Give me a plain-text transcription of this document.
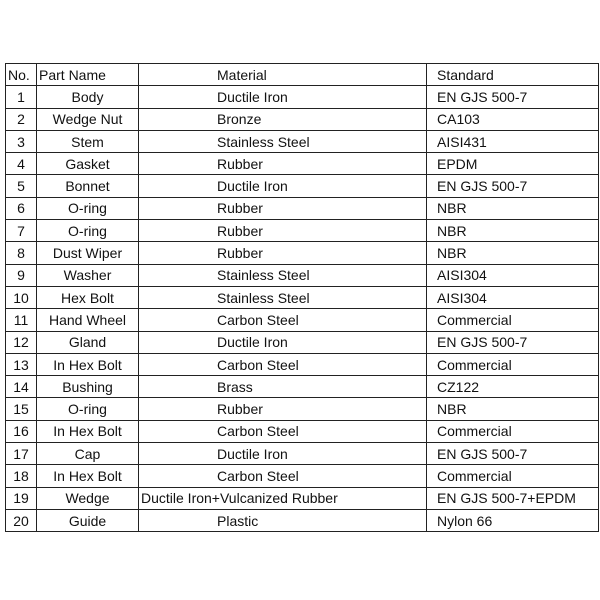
No.	Part Name	Material	Standard
1	Body	Ductile Iron	EN GJS 500-7
2	Wedge Nut	Bronze	CA103
3	Stem	Stainless Steel	AISI431
4	Gasket	Rubber	EPDM
5	Bonnet	Ductile Iron	EN GJS 500-7
6	O-ring	Rubber	NBR
7	O-ring	Rubber	NBR
8	Dust Wiper	Rubber	NBR
9	Washer	Stainless Steel	AISI304
10	Hex Bolt	Stainless Steel	AISI304
11	Hand Wheel	Carbon Steel	Commercial
12	Gland	Ductile Iron	EN GJS 500-7
13	In Hex Bolt	Carbon Steel	Commercial
14	Bushing	Brass	CZ122
15	O-ring	Rubber	NBR
16	In Hex Bolt	Carbon Steel	Commercial
17	Cap	Ductile Iron	EN GJS 500-7
18	In Hex Bolt	Carbon Steel	Commercial
19	Wedge	Ductile Iron+Vulcanized Rubber	EN GJS 500-7+EPDM
20	Guide	Plastic	Nylon 66
